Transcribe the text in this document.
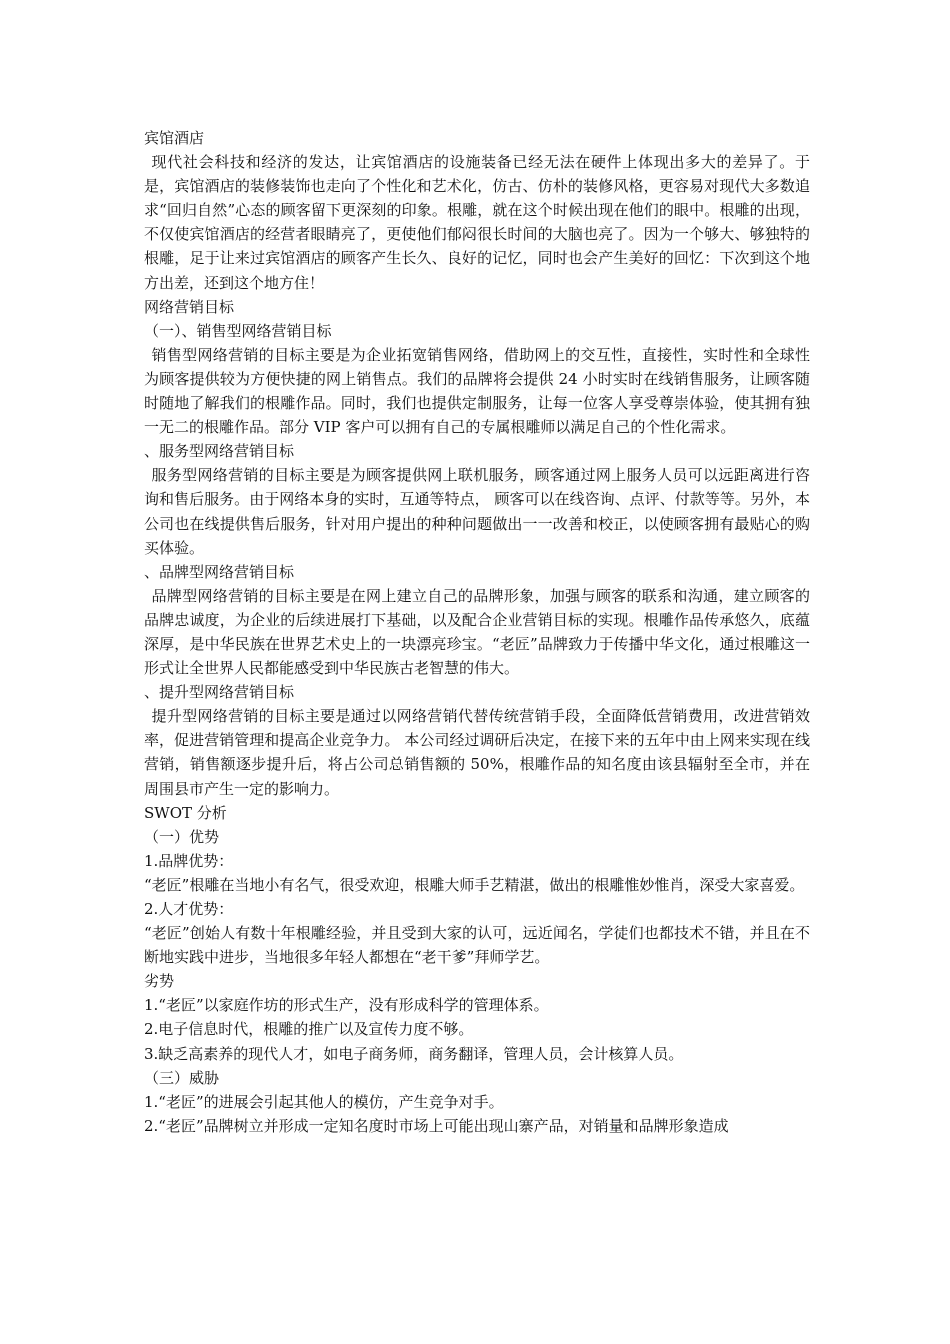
宾馆酒店

现代社会科技和经济的发达，让宾馆酒店的设施装备已经无法在硬件上体现出多大的差异了。于是，宾馆酒店的装修装饰也走向了个性化和艺术化，仿古、仿朴的装修风格，更容易对现代大多数追求“回归自然”心态的顾客留下更深刻的印象。根雕，就在这个时候出现在他们的眼中。根雕的出现，不仅使宾馆酒店的经营者眼睛亮了，更使他们郁闷很长时间的大脑也亮了。因为一个够大、够独特的根雕，足于让来过宾馆酒店的顾客产生长久、良好的记忆，同时也会产生美好的回忆：下次到这个地方出差，还到这个地方住！

网络营销目标

（一）、销售型网络营销目标

销售型网络营销的目标主要是为企业拓宽销售网络，借助网上的交互性，直接性，实时性和全球性为顾客提供较为方便快捷的网上销售点。我们的品牌将会提供 24 小时实时在线销售服务，让顾客随时随地了解我们的根雕作品。同时，我们也提供定制服务，让每一位客人享受尊崇体验，使其拥有独一无二的根雕作品。部分 VIP 客户可以拥有自己的专属根雕师以满足自己的个性化需求。

、服务型网络营销目标

服务型网络营销的目标主要是为顾客提供网上联机服务，顾客通过网上服务人员可以远距离进行咨询和售后服务。由于网络本身的实时，互通等特点， 顾客可以在线咨询、点评、付款等等。另外，本公司也在线提供售后服务，针对用户提出的种种问题做出一一改善和校正，以使顾客拥有最贴心的购买体验。

、品牌型网络营销目标

品牌型网络营销的目标主要是在网上建立自己的品牌形象，加强与顾客的联系和沟通，建立顾客的品牌忠诚度，为企业的后续进展打下基础，以及配合企业营销目标的实现。根雕作品传承悠久，底蕴深厚，是中华民族在世界艺术史上的一块漂亮珍宝。“老匠”品牌致力于传播中华文化，通过根雕这一形式让全世界人民都能感受到中华民族古老智慧的伟大。

、提升型网络营销目标

提升型网络营销的目标主要是通过以网络营销代替传统营销手段，全面降低营销费用，改进营销效率，促进营销管理和提高企业竞争力。 本公司经过调研后决定，在接下来的五年中由上网来实现在线营销，销售额逐步提升后，将占公司总销售额的 50%，根雕作品的知名度由该县辐射至全市，并在周围县市产生一定的影响力。

SWOT 分析

（一）优势

1.品牌优势：

“老匠”根雕在当地小有名气，很受欢迎，根雕大师手艺精湛，做出的根雕惟妙惟肖，深受大家喜爱。

2.人才优势：

“老匠”创始人有数十年根雕经验，并且受到大家的认可，远近闻名，学徒们也都技术不错，并且在不断地实践中进步，当地很多年轻人都想在“老干爹”拜师学艺。

劣势

1.“老匠”以家庭作坊的形式生产，没有形成科学的管理体系。

2.电子信息时代，根雕的推广以及宣传力度不够。

3.缺乏高素养的现代人才，如电子商务师，商务翻译，管理人员，会计核算人员。

（三）威胁

1.“老匠”的进展会引起其他人的模仿，产生竞争对手。

2.“老匠”品牌树立并形成一定知名度时市场上可能出现山寨产品，对销量和品牌形象造成
